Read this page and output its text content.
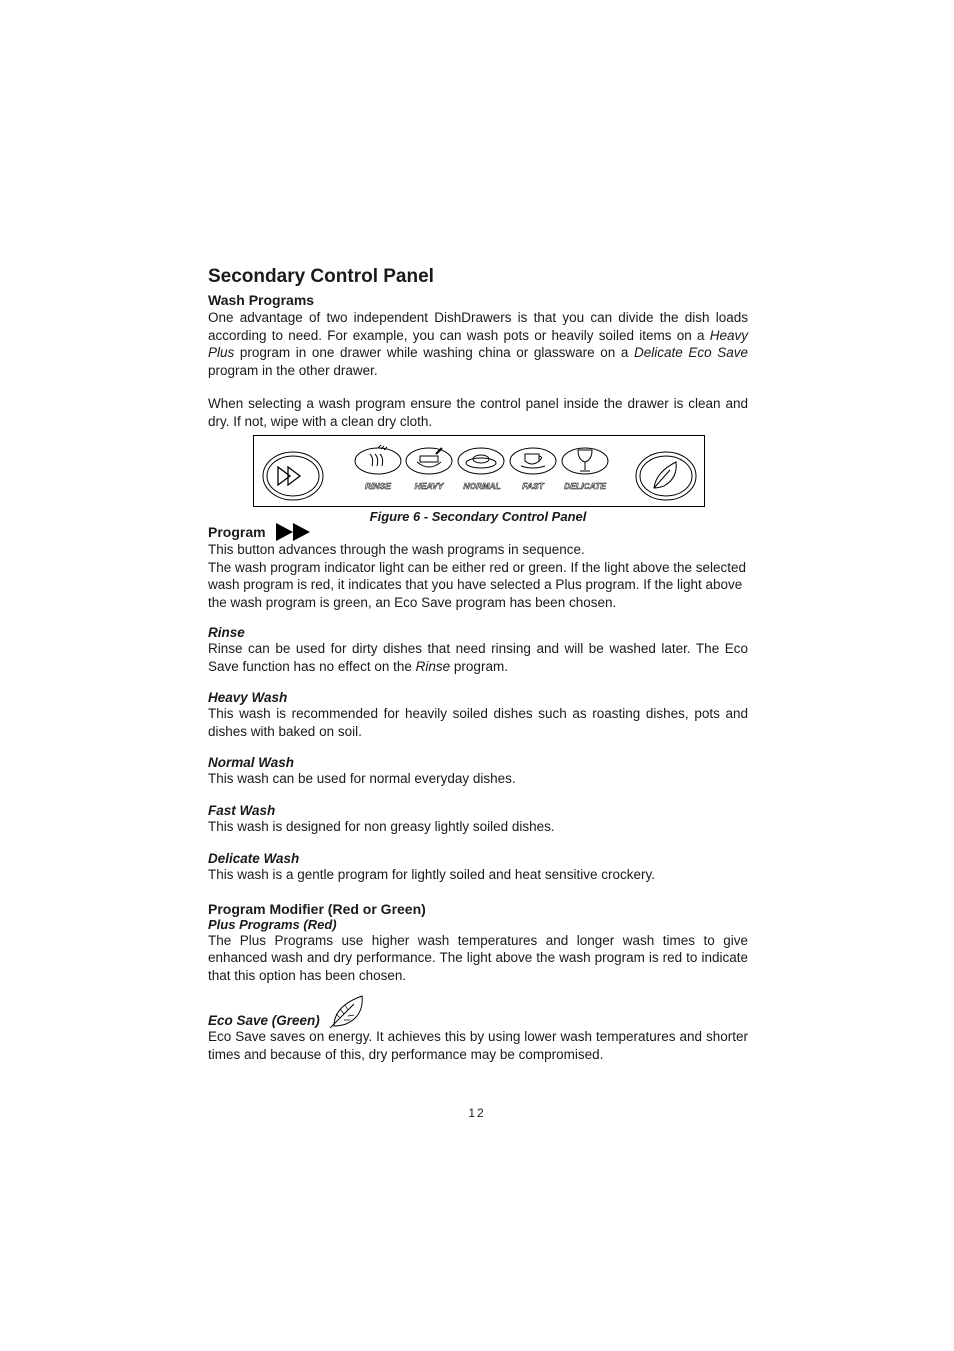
Secondary Control Panel
Wash Programs
One advantage of two independent DishDrawers is that you can divide the dish loads according to need. For example, you can wash pots or heavily soiled items on a Heavy Plus program in one drawer while washing china or glassware on a Delicate Eco Save program in the other drawer.
When selecting a wash program ensure the control panel inside the drawer is clean and dry. If not, wipe with a clean dry cloth.
RINSE	HEAVY NORMAL	FAST DELICATE
Figure 6 - Secondary Control Panel
Program
This button advances through the wash programs in sequence.
The wash program indicator light can be either red or green. If the light above the selected wash program is red, it indicates that you have selected a Plus program. If the light above the wash program is green, an Eco Save program has been chosen.
Rinse
Rinse can be used for dirty dishes that need rinsing and will be washed later. The Eco Save function has no effect on the Rinse program.
Heavy Wash
This wash is recommended for heavily soiled dishes such as roasting dishes, pots and dishes with baked on soil.
Normal Wash
This wash can be used for normal everyday dishes.
Fast Wash
This wash is designed for non greasy lightly soiled dishes.
Delicate Wash
This wash is a gentle program for lightly soiled and heat sensitive crockery.
Program Modifier (Red or Green)
Plus Programs (Red)
The Plus Programs use higher wash temperatures and longer wash times to give enhanced wash and dry performance. The light above the wash program is red to indicate that this option has been chosen.
Eco Save (Green)
Eco Save saves on energy. It achieves this by using lower wash temperatures and shorter times and because of this, dry performance may be compromised.
12
